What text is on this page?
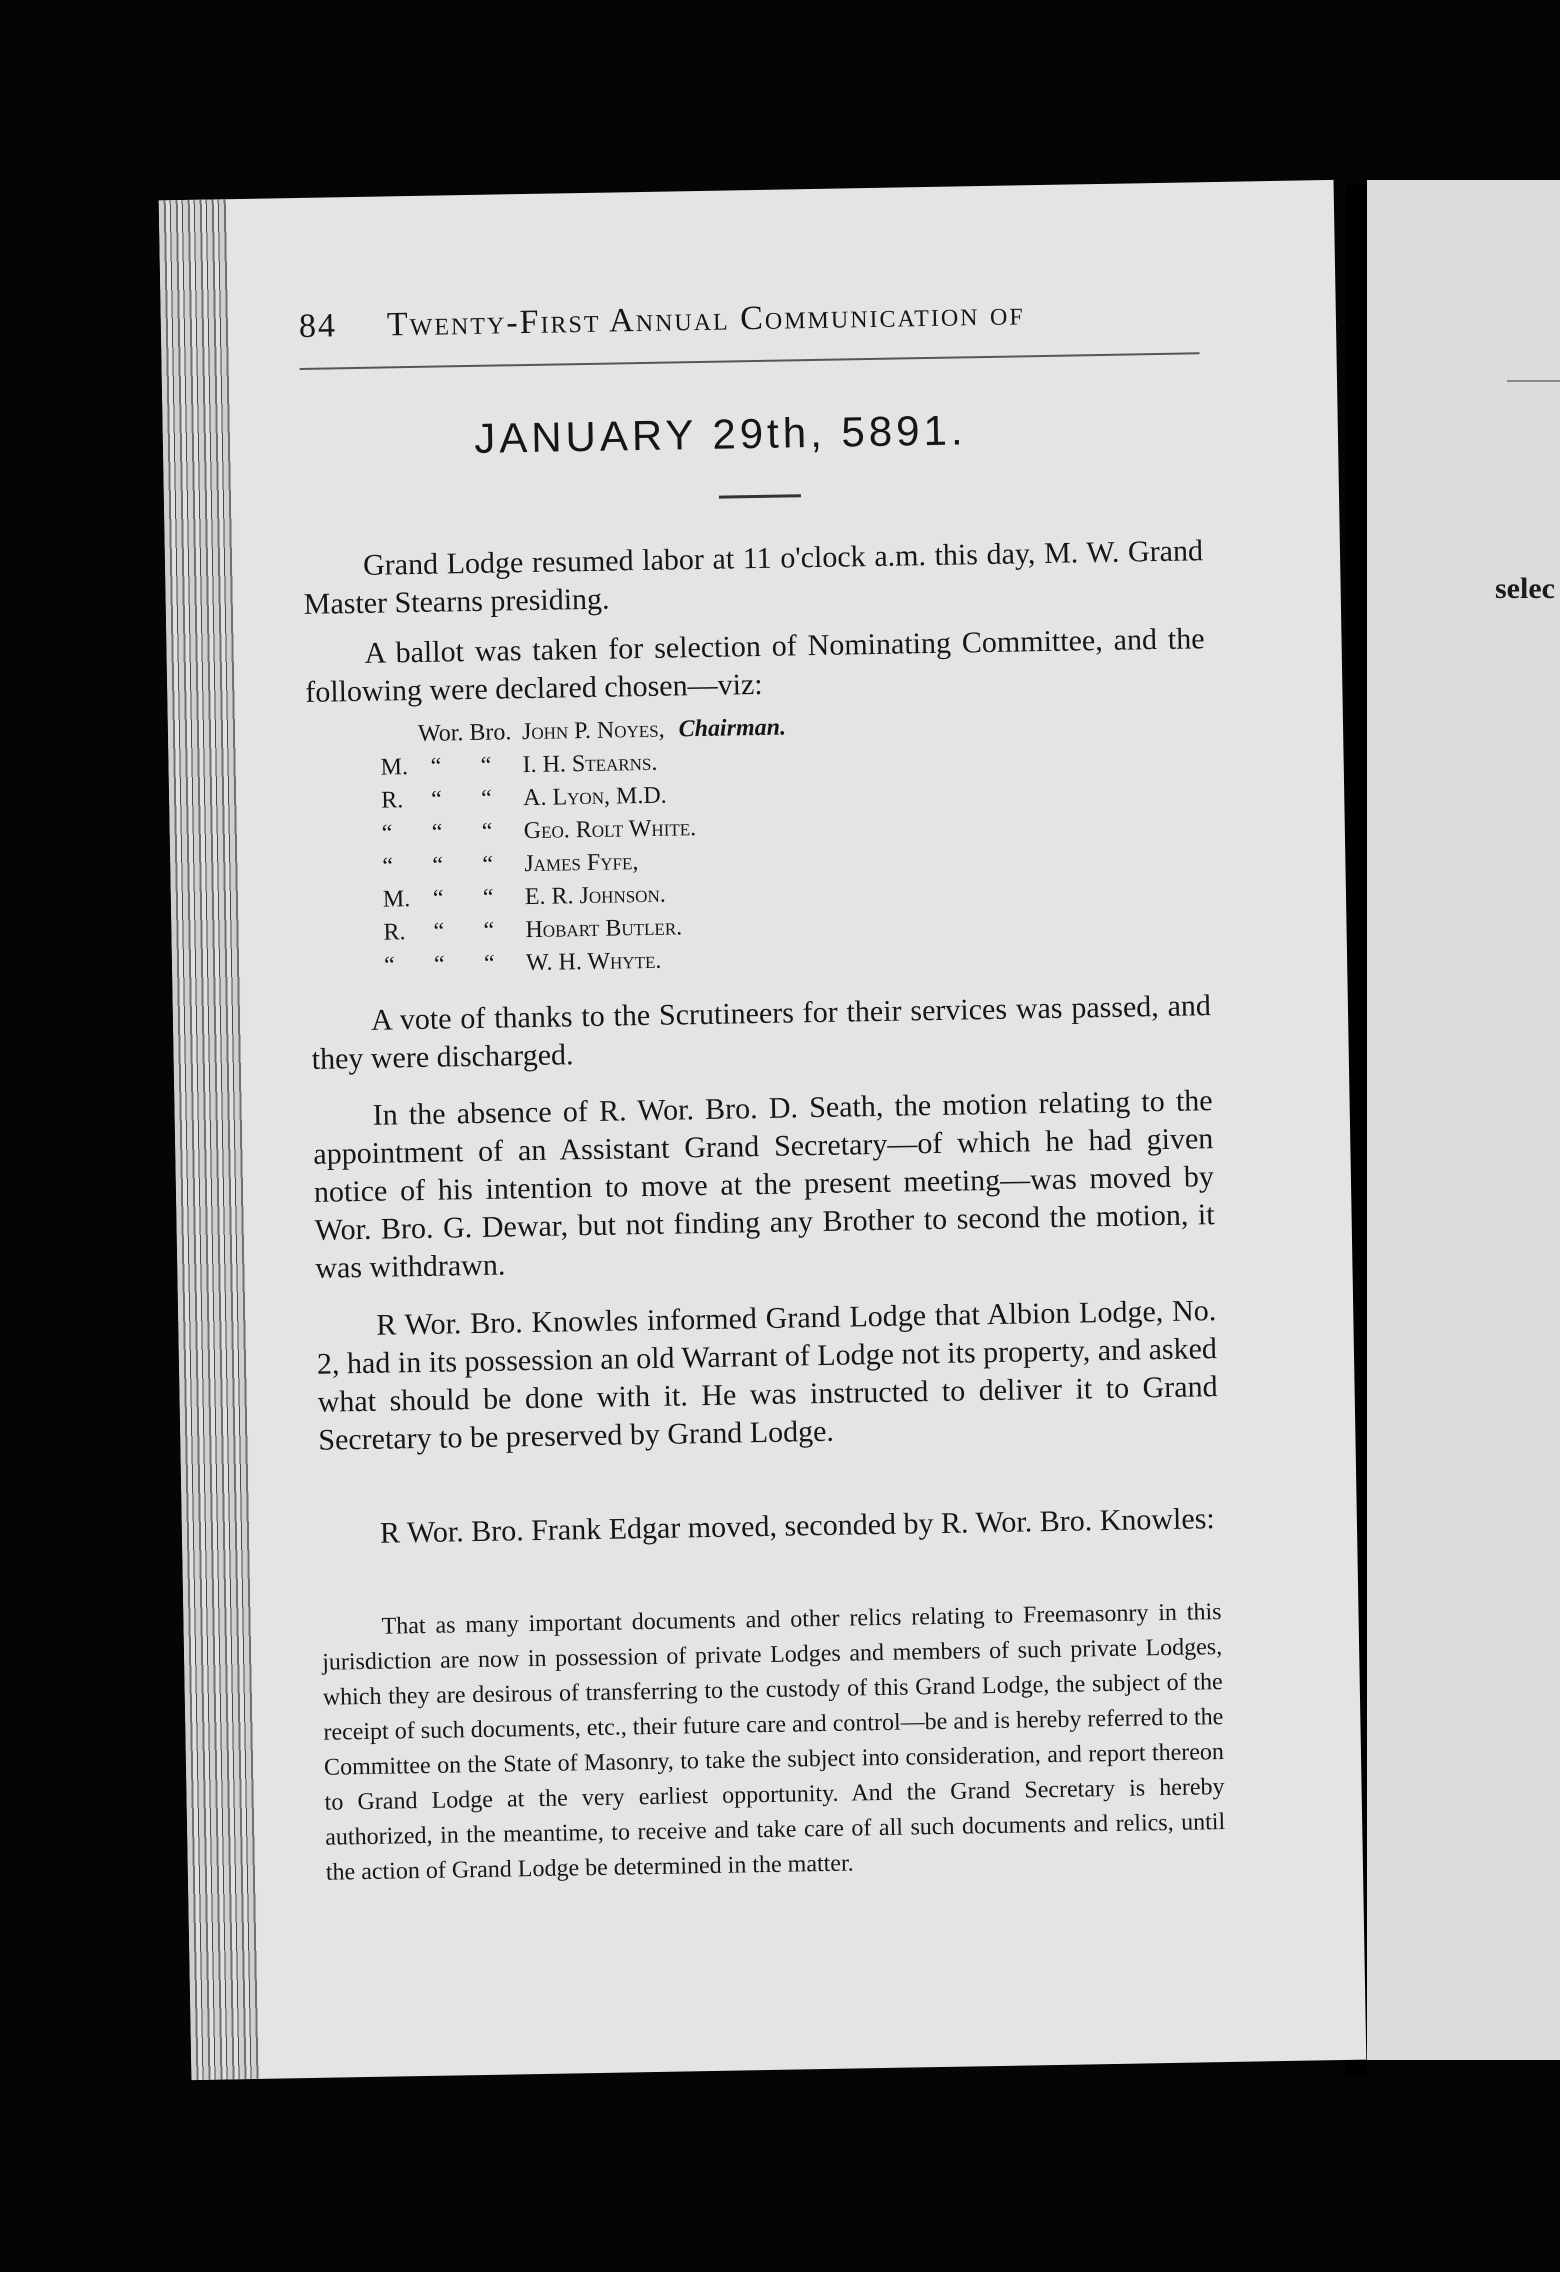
selec
84 Twenty-First Annual Communication of
JANUARY 29th, 5891.
Grand Lodge resumed labor at 11 o'clock a.m. this day, M. W. Grand Master Stearns presiding.
A ballot was taken for selection of Nominating Committee, and the following were declared chosen—viz:
Wor. Bro. John P. Noyes, Chairman.
M. “	“	I. H. Stearns.
R.	“	“	A. Lyon, M.D.
“	“	“	Geo. Rolt White.
“	“	“	James Fyfe,
M. “	“	E. R. Johnson.
R.	“	“	Hobart Butler.
“	“	“	W. H. Whyte.
A vote of thanks to the Scrutineers for their services was passed, and they were discharged.
In the absence of R. Wor. Bro. D. Seath, the motion relating to the appointment of an Assistant Grand Secretary—of which he had given notice of his intention to move at the present meeting—was moved by Wor. Bro. G. Dewar, but not finding any Brother to second the motion, it was withdrawn.
R Wor. Bro. Knowles informed Grand Lodge that Albion Lodge, No. 2, had in its possession an old Warrant of Lodge not its property, and asked what should be done with it. He was instructed to deliver it to Grand Secretary to be preserved by Grand Lodge.
R Wor. Bro. Frank Edgar moved, seconded by R. Wor. Bro. Knowles:
That as many important documents and other relics relating to Freemasonry in this jurisdiction are now in possession of private Lodges and members of such private Lodges, which they are desirous of transferring to the custody of this Grand Lodge, the subject of the receipt of such documents, etc., their future care and control—be and is hereby referred to the Committee on the State of Masonry, to take the subject into consideration, and report thereon to Grand Lodge at the very earliest opportunity. And the Grand Secretary is hereby authorized, in the meantime, to receive and take care of all such documents and relics, until the action of Grand Lodge be determined in the matter.
